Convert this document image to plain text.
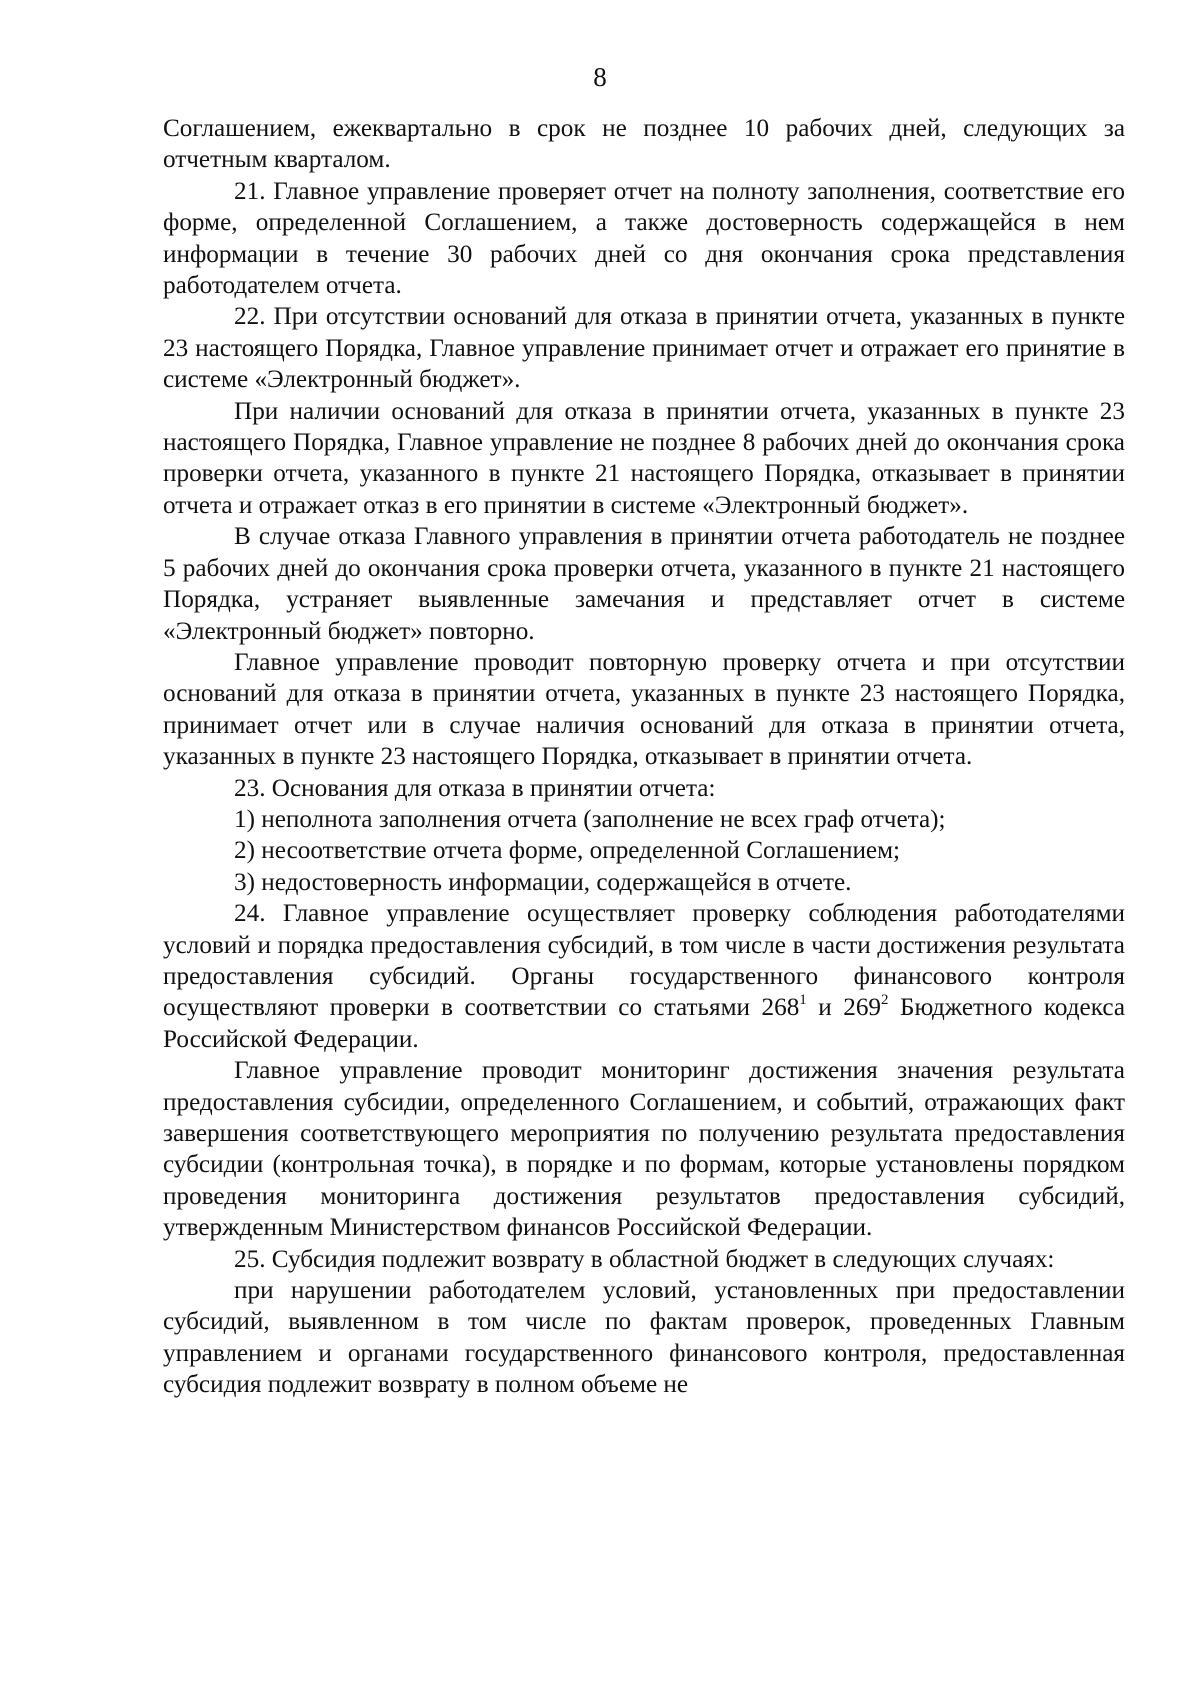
8

Соглашением, ежеквартально в срок не позднее 10 рабочих дней, следующих за отчетным кварталом.

21. Главное управление проверяет отчет на полноту заполнения, соответствие его форме, определенной Соглашением, а также достоверность содержащейся в нем информации в течение 30 рабочих дней со дня окончания срока представления работодателем отчета.

22. При отсутствии оснований для отказа в принятии отчета, указанных в пункте 23 настоящего Порядка, Главное управление принимает отчет и отражает его принятие в системе «Электронный бюджет».

При наличии оснований для отказа в принятии отчета, указанных в пункте 23 настоящего Порядка, Главное управление не позднее 8 рабочих дней до окончания срока проверки отчета, указанного в пункте 21 настоящего Порядка, отказывает в принятии отчета и отражает отказ в его принятии в системе «Электронный бюджет».

В случае отказа Главного управления в принятии отчета работодатель не позднее 5 рабочих дней до окончания срока проверки отчета, указанного в пункте 21 настоящего Порядка, устраняет выявленные замечания и представляет отчет в системе «Электронный бюджет» повторно.

Главное управление проводит повторную проверку отчета и при отсутствии оснований для отказа в принятии отчета, указанных в пункте 23 настоящего Порядка, принимает отчет или в случае наличия оснований для отказа в принятии отчета, указанных в пункте 23 настоящего Порядка, отказывает в принятии отчета.

23. Основания для отказа в принятии отчета:

1) неполнота заполнения отчета (заполнение не всех граф отчета);

2) несоответствие отчета форме, определенной Соглашением;

3) недостоверность информации, содержащейся в отчете.

24. Главное управление осуществляет проверку соблюдения работодателями условий и порядка предоставления субсидий, в том числе в части достижения результата предоставления субсидий. Органы государственного финансового контроля осуществляют проверки в соответствии со статьями $268^1$ и $269^2$ Бюджетного кодекса Российской Федерации.

Главное управление проводит мониторинг достижения значения результата предоставления субсидии, определенного Соглашением, и событий, отражающих факт завершения соответствующего мероприятия по получению результата предоставления субсидии (контрольная точка), в порядке и по формам, которые установлены порядком проведения мониторинга достижения результатов предоставления субсидий, утвержденным Министерством финансов Российской Федерации.

25. Субсидия подлежит возврату в областной бюджет в следующих случаях:

при нарушении работодателем условий, установленных при предоставлении субсидий, выявленном в том числе по фактам проверок, проведенных Главным управлением и органами государственного финансового контроля, предоставленная субсидия подлежит возврату в полном объеме не
